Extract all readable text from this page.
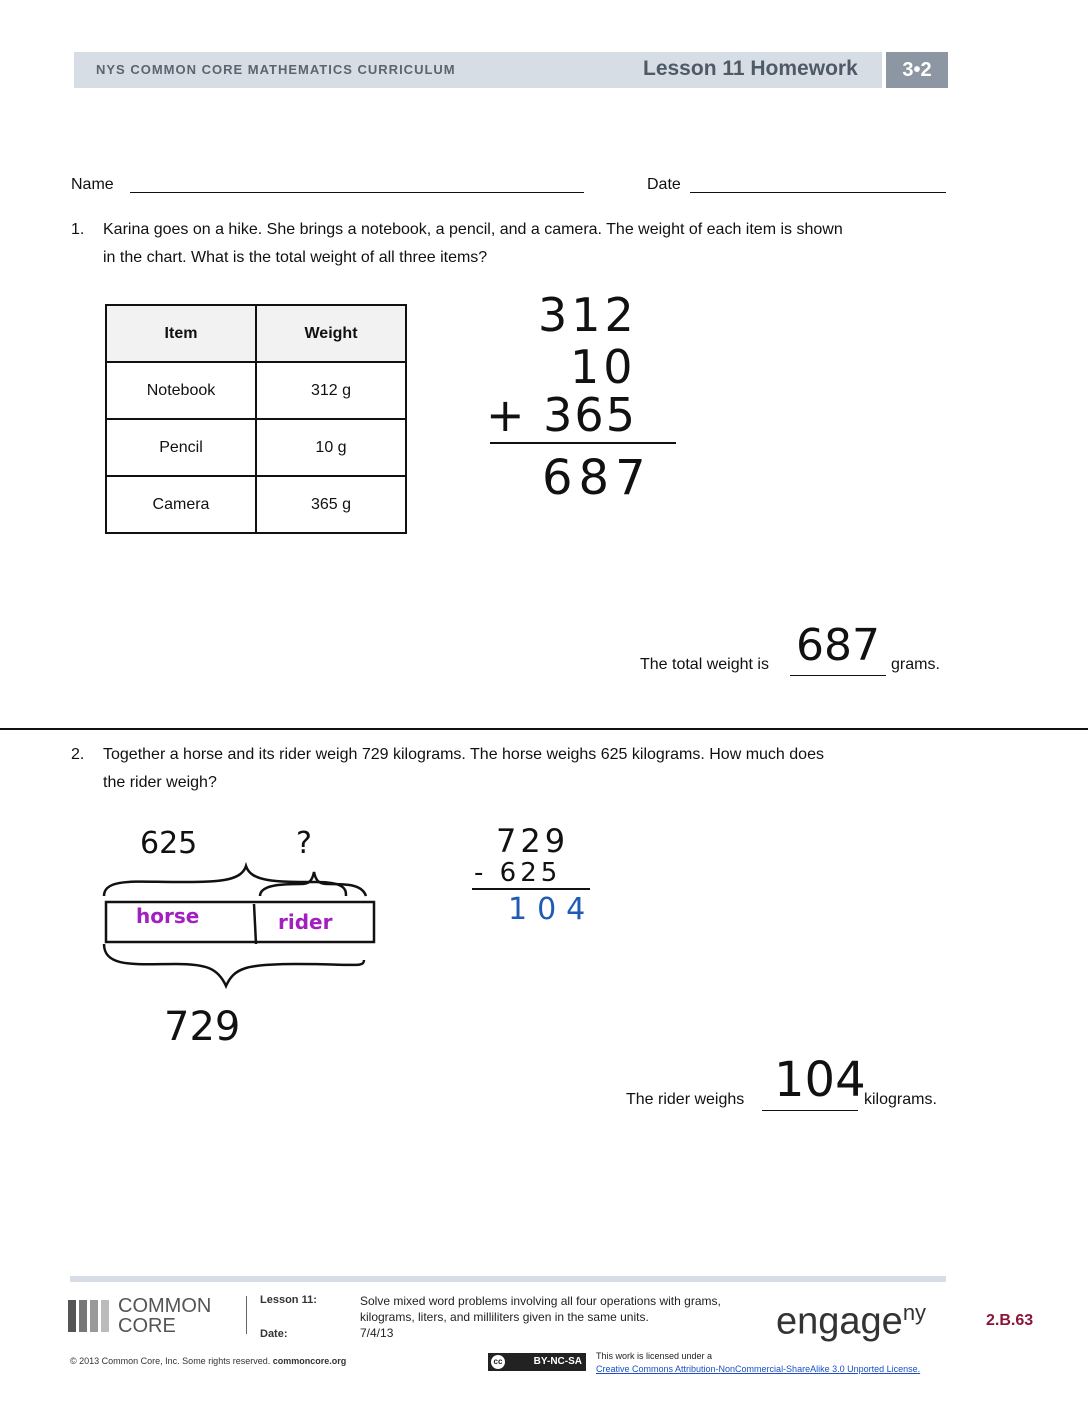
NYS COMMON CORE MATHEMATICS CURRICULUM	Lesson 11 Homework	3•2
Name	Date
1. Karina goes on a hike. She brings a notebook, a pencil, and a camera. The weight of each item is shown
in the chart. What is the total weight of all three items?
Item	Weight
Notebook	312 g
Pencil	10 g
Camera	365 g
312
10
+ 365
687
The total weight is 687 grams.
2. Together a horse and its rider weigh 729 kilograms. The horse weighs 625 kilograms. How much does
the rider weigh?
625	?
horse	rider
729
729
- 625
104
The rider weighs 104
kilograms.
COMMON
CORE
Lesson 11:
Date:
Solve mixed word problems involving all four operations with grams,
kilograms, liters, and milliliters given in the same units.
7/4/13	engage$^{ny}$	2.B.63
© 2013 Common Core, Inc. Some rights reserved. commoncore.org	cc	BY-NC-SA	This work is licensed under a
Creative Commons Attribution-NonCommercial-ShareAlike 3.0 Unported License.
